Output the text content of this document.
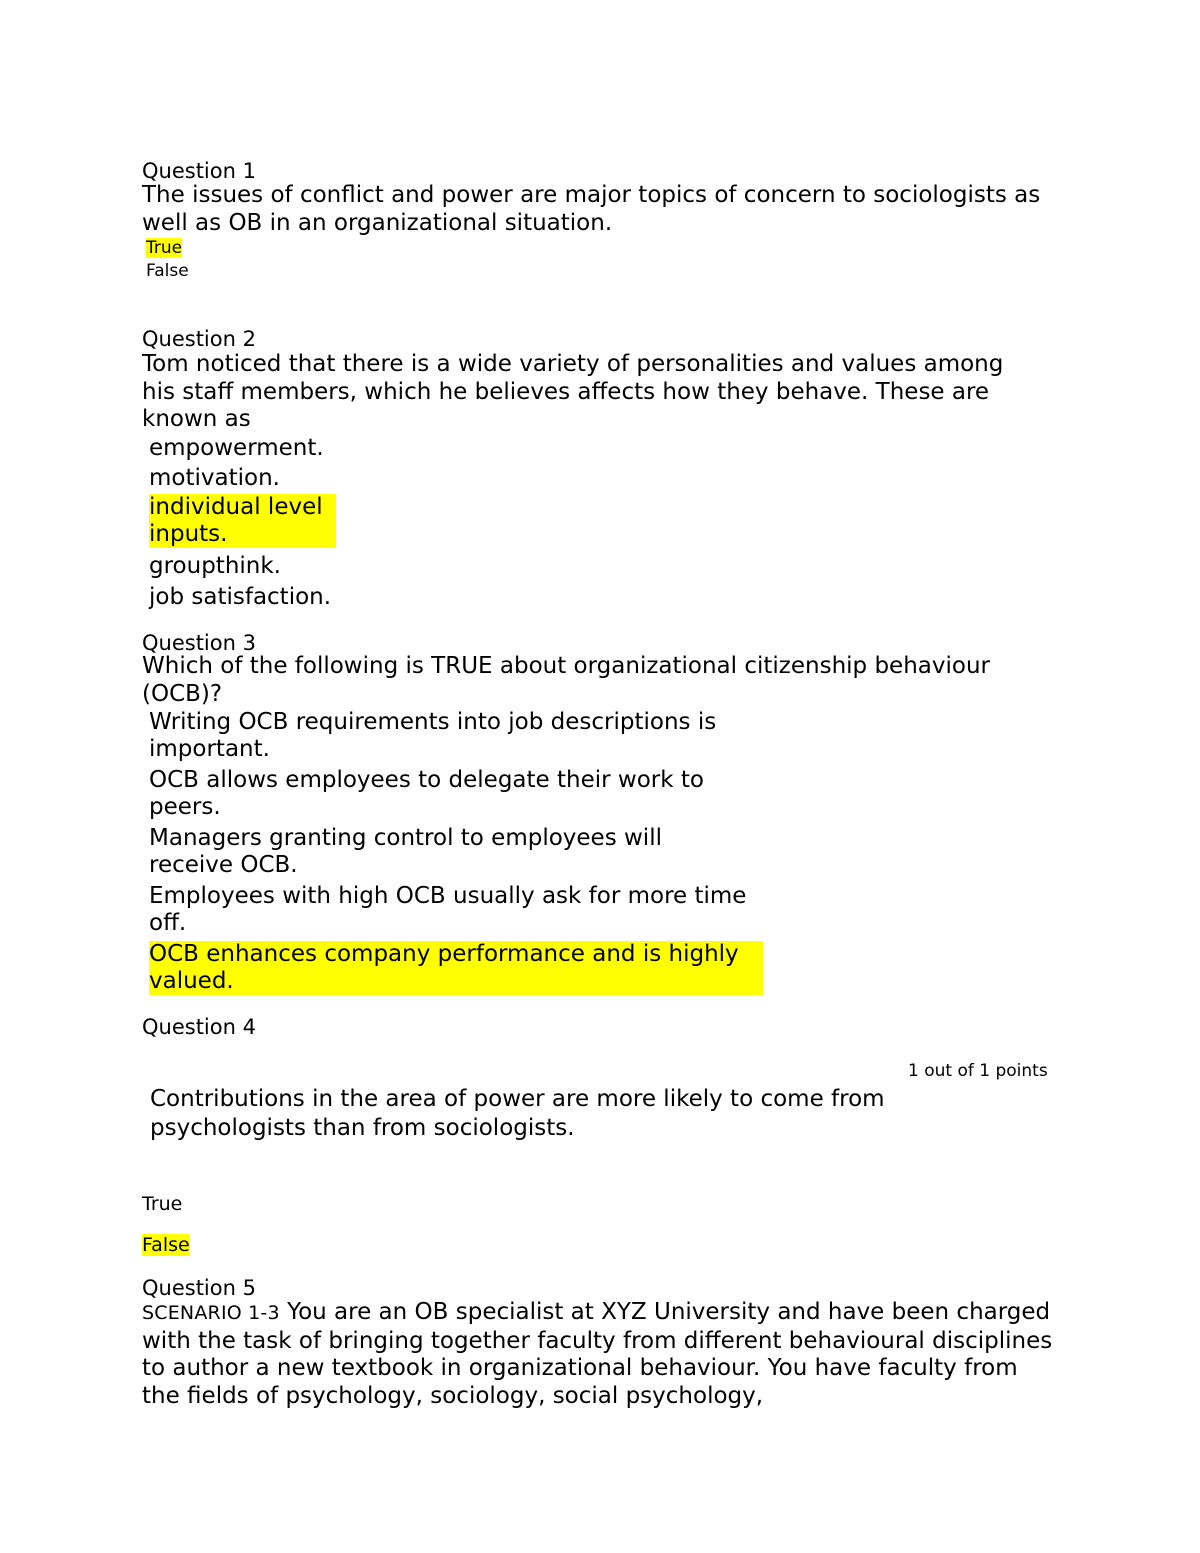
Question 1
The issues of conflict and power are major topics of concern to sociologists as well as OB in an organizational situation.
True
False
Question 2
Tom noticed that there is a wide variety of personalities and values among his staff members, which he believes affects how they behave. These are known as
empowerment.
motivation.
individual level inputs.
groupthink.
job satisfaction.
Question 3
Which of the following is TRUE about organizational citizenship behaviour (OCB)?
Writing OCB requirements into job descriptions is important.
OCB allows employees to delegate their work to peers.
Managers granting control to employees will receive OCB.
Employees with high OCB usually ask for more time off.
OCB enhances company performance and is highly valued.
Question 4
1 out of 1 points
Contributions in the area of power are more likely to come from psychologists than from sociologists.
True
False
Question 5
SCENARIO 1-3 You are an OB specialist at XYZ University and have been charged with the task of bringing together faculty from different behavioural disciplines to author a new textbook in organizational behaviour. You have faculty from the fields of psychology, sociology, social psychology,
